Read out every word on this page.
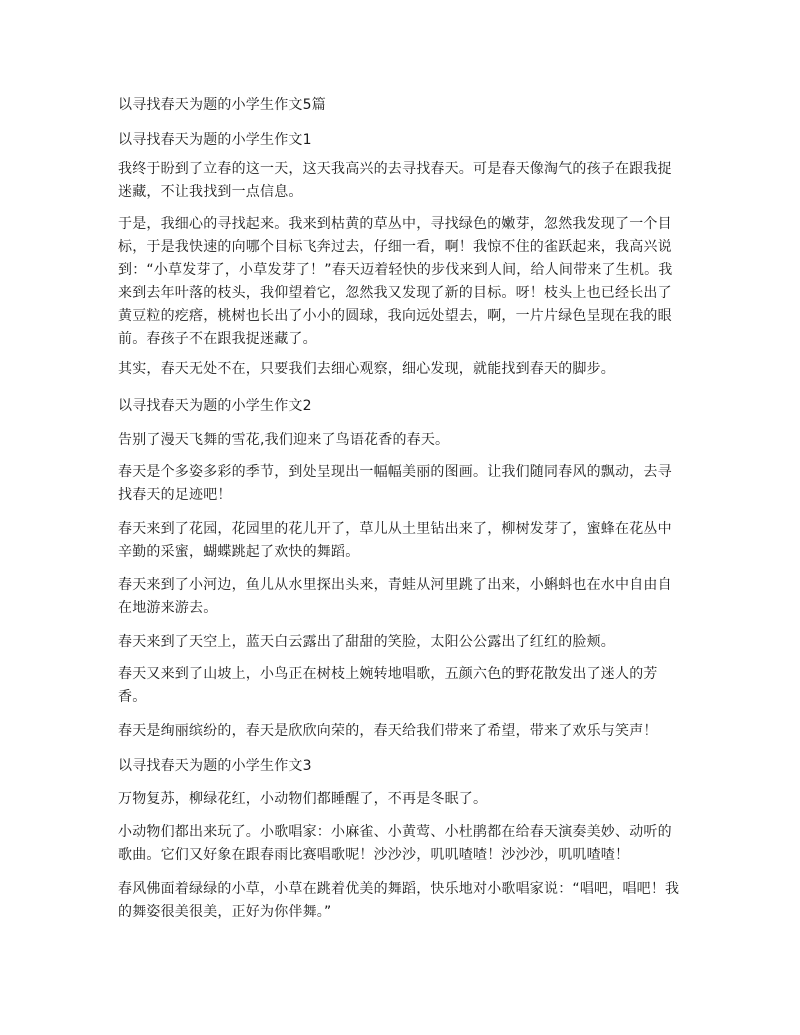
以寻找春天为题的小学生作文5篇

以寻找春天为题的小学生作文1

我终于盼到了立春的这一天，这天我高兴的去寻找春天。可是春天像淘气的孩子在跟我捉迷藏，不让我找到一点信息。

于是，我细心的寻找起来。我来到枯黄的草丛中，寻找绿色的嫩芽，忽然我发现了一个目标，于是我快速的向哪个目标飞奔过去，仔细一看，啊！我惊不住的雀跃起来，我高兴说到：“小草发芽了，小草发芽了！”春天迈着轻快的步伐来到人间，给人间带来了生机。我来到去年叶落的枝头，我仰望着它，忽然我又发现了新的目标。呀！枝头上也已经长出了黄豆粒的疙瘩，桃树也长出了小小的圆球，我向远处望去，啊，一片片绿色呈现在我的眼前。春孩子不在跟我捉迷藏了。

其实，春天无处不在，只要我们去细心观察，细心发现，就能找到春天的脚步。

以寻找春天为题的小学生作文2

告别了漫天飞舞的雪花,我们迎来了鸟语花香的春天。

春天是个多姿多彩的季节，到处呈现出一幅幅美丽的图画。让我们随同春风的飘动，去寻找春天的足迹吧！

春天来到了花园，花园里的花儿开了，草儿从土里钻出来了，柳树发芽了，蜜蜂在花丛中辛勤的采蜜，蝴蝶跳起了欢快的舞蹈。

春天来到了小河边，鱼儿从水里探出头来，青蛙从河里跳了出来，小蝌蚪也在水中自由自在地游来游去。

春天来到了天空上，蓝天白云露出了甜甜的笑脸，太阳公公露出了红红的脸颊。

春天又来到了山坡上，小鸟正在树枝上婉转地唱歌，五颜六色的野花散发出了迷人的芳香。

春天是绚丽缤纷的，春天是欣欣向荣的，春天给我们带来了希望，带来了欢乐与笑声！

以寻找春天为题的小学生作文3

万物复苏，柳绿花红，小动物们都睡醒了，不再是冬眠了。

小动物们都出来玩了。小歌唱家：小麻雀、小黄莺、小杜鹃都在给春天演奏美妙、动听的歌曲。它们又好象在跟春雨比赛唱歌呢！沙沙沙，叽叽喳喳！沙沙沙，叽叽喳喳！

春风佛面着绿绿的小草，小草在跳着优美的舞蹈，快乐地对小歌唱家说：“唱吧，唱吧！我的舞姿很美很美，正好为你伴舞。”
